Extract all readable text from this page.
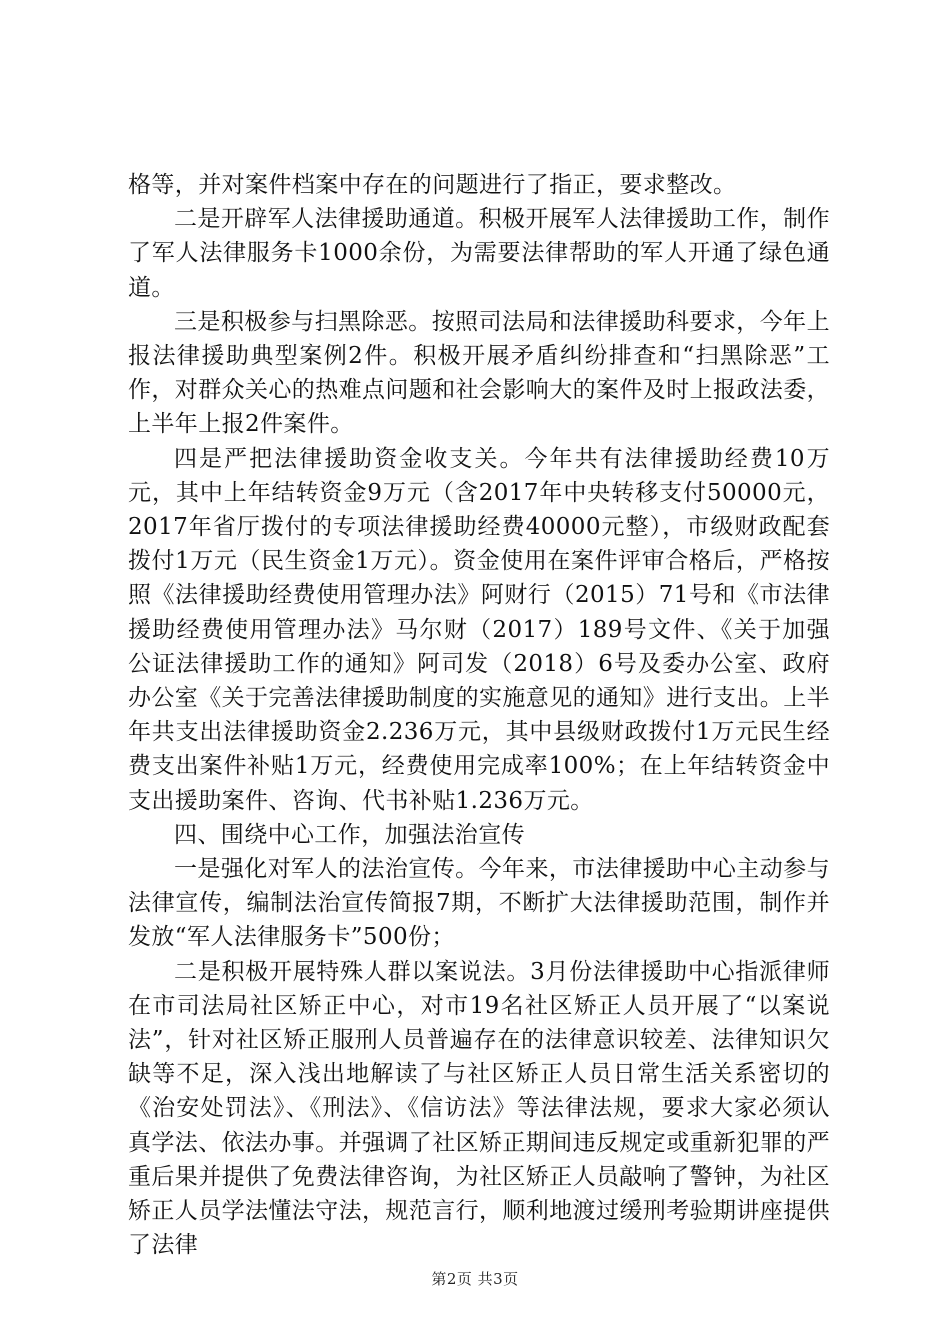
格等，并对案件档案中存在的问题进行了指正，要求整改。

二是开辟军人法律援助通道。积极开展军人法律援助工作，制作了军人法律服务卡1000余份，为需要法律帮助的军人开通了绿色通道。

三是积极参与扫黑除恶。按照司法局和法律援助科要求，今年上报法律援助典型案例2件。积极开展矛盾纠纷排查和“扫黑除恶”工作，对群众关心的热难点问题和社会影响大的案件及时上报政法委，上半年上报2件案件。

四是严把法律援助资金收支关。今年共有法律援助经费10万元，其中上年结转资金9万元（含2017年中央转移支付50000元，2017年省厅拨付的专项法律援助经费40000元整），市级财政配套拨付1万元（民生资金1万元）。资金使用在案件评审合格后，严格按照《法律援助经费使用管理办法》阿财行（2015）71号和《市法律援助经费使用管理办法》马尔财（2017）189号文件、《关于加强公证法律援助工作的通知》阿司发（2018）6号及委办公室、政府办公室《关于完善法律援助制度的实施意见的通知》进行支出。上半年共支出法律援助资金2.236万元，其中县级财政拨付1万元民生经费支出案件补贴1万元，经费使用完成率100%；在上年结转资金中支出援助案件、咨询、代书补贴1.236万元。

四、围绕中心工作，加强法治宣传

一是强化对军人的法治宣传。今年来，市法律援助中心主动参与法律宣传，编制法治宣传简报7期，不断扩大法律援助范围，制作并发放“军人法律服务卡”500份；

二是积极开展特殊人群以案说法。3月份法律援助中心指派律师在市司法局社区矫正中心，对市19名社区矫正人员开展了“以案说法”，针对社区矫正服刑人员普遍存在的法律意识较差、法律知识欠缺等不足，深入浅出地解读了与社区矫正人员日常生活关系密切的《治安处罚法》、《刑法》、《信访法》等法律法规，要求大家必须认真学法、依法办事。并强调了社区矫正期间违反规定或重新犯罪的严重后果并提供了免费法律咨询，为社区矫正人员敲响了警钟，为社区矫正人员学法懂法守法，规范言行，顺利地渡过缓刑考验期讲座提供了法律

第2页 共3页
